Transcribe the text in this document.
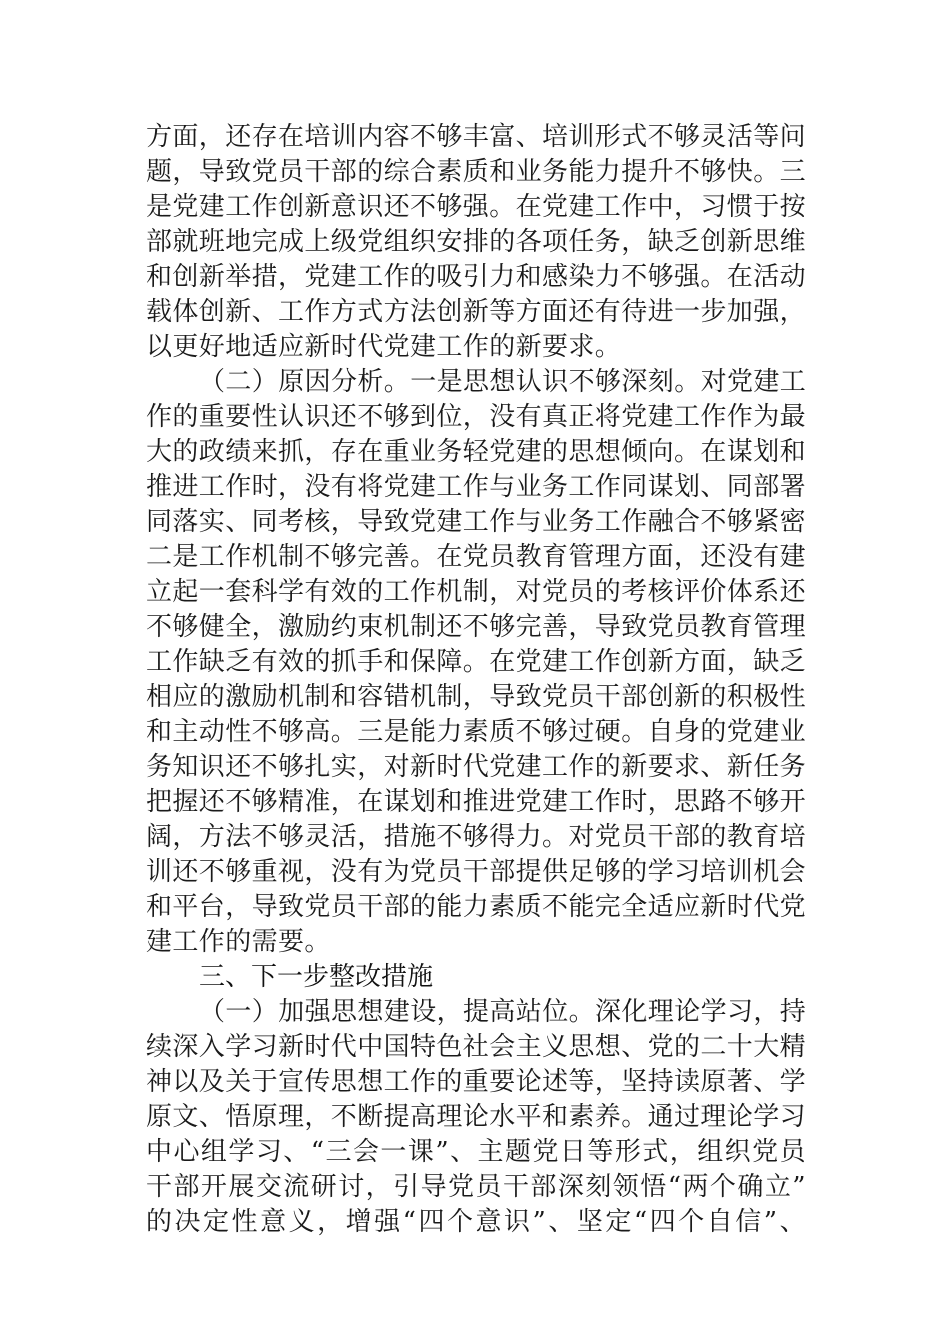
方面，还存在培训内容不够丰富、培训形式不够灵活等问
题，导致党员干部的综合素质和业务能力提升不够快。三
是党建工作创新意识还不够强。在党建工作中，习惯于按
部就班地完成上级党组织安排的各项任务，缺乏创新思维
和创新举措，党建工作的吸引力和感染力不够强。在活动
载体创新、工作方式方法创新等方面还有待进一步加强，
以更好地适应新时代党建工作的新要求。
（二）原因分析。一是思想认识不够深刻。对党建工
作的重要性认识还不够到位，没有真正将党建工作作为最
大的政绩来抓，存在重业务轻党建的思想倾向。在谋划和
推进工作时，没有将党建工作与业务工作同谋划、同部署
同落实、同考核，导致党建工作与业务工作融合不够紧密
二是工作机制不够完善。在党员教育管理方面，还没有建
立起一套科学有效的工作机制，对党员的考核评价体系还
不够健全，激励约束机制还不够完善，导致党员教育管理
工作缺乏有效的抓手和保障。在党建工作创新方面，缺乏
相应的激励机制和容错机制，导致党员干部创新的积极性
和主动性不够高。三是能力素质不够过硬。自身的党建业
务知识还不够扎实，对新时代党建工作的新要求、新任务
把握还不够精准，在谋划和推进党建工作时，思路不够开
阔，方法不够灵活，措施不够得力。对党员干部的教育培
训还不够重视，没有为党员干部提供足够的学习培训机会
和平台，导致党员干部的能力素质不能完全适应新时代党
建工作的需要。
三、下一步整改措施
（一）加强思想建设，提高站位。深化理论学习，持
续深入学习新时代中国特色社会主义思想、党的二十大精
神以及关于宣传思想工作的重要论述等，坚持读原著、学
原文、悟原理，不断提高理论水平和素养。通过理论学习
中心组学习、“三会一课”、主题党日等形式，组织党员
干部开展交流研讨，引导党员干部深刻领悟“两个确立”
的决定性意义，增强“四个意识”、坚定“四个自信”、
